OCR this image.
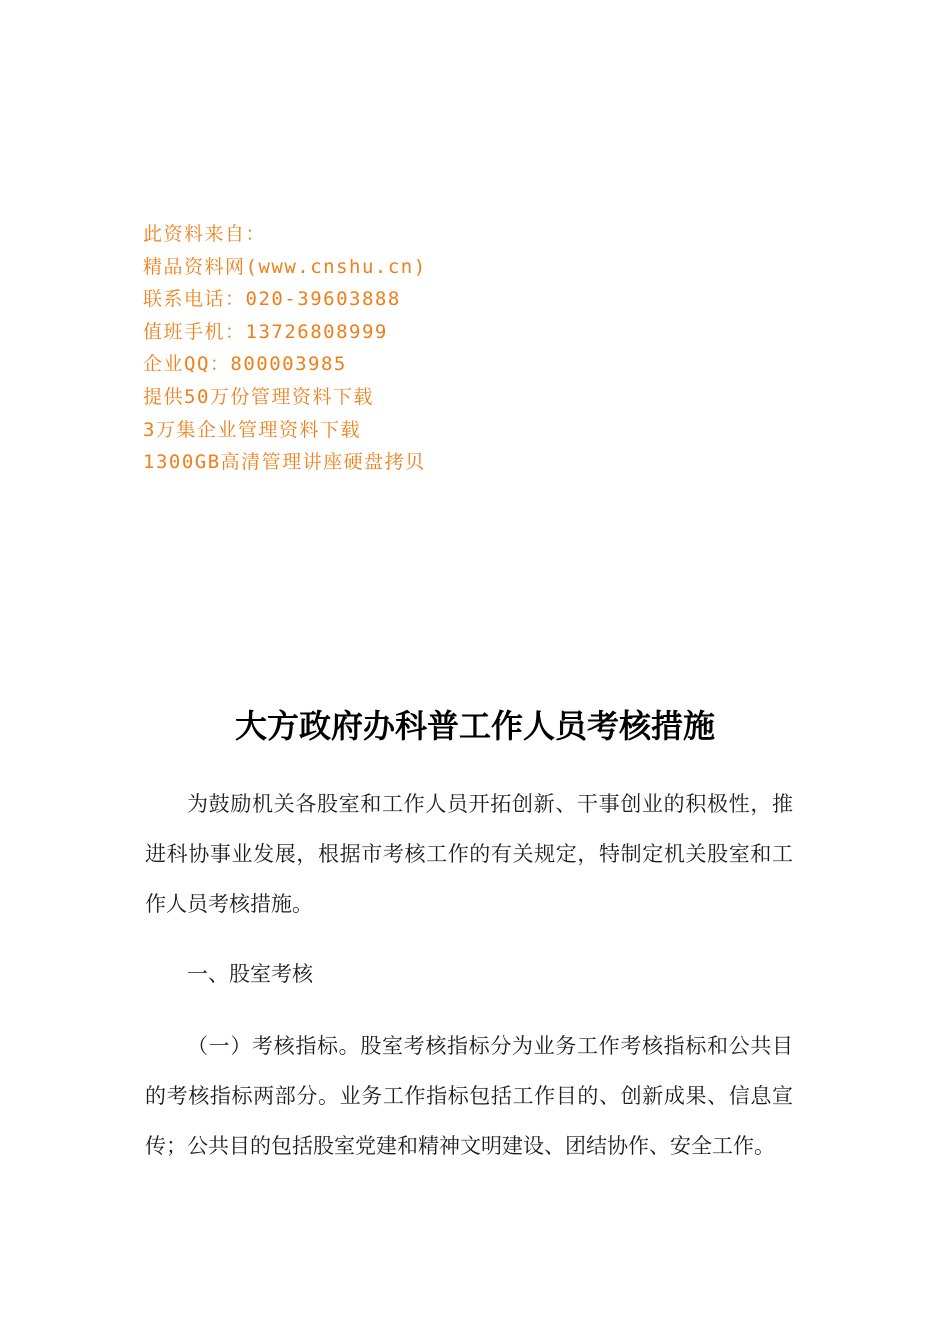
此资料来自：
精品资料网(www.cnshu.cn)
联系电话：020-39603888
值班手机：13726808999
企业QQ：800003985
提供50万份管理资料下载
3万集企业管理资料下载
1300GB高清管理讲座硬盘拷贝
大方政府办科普工作人员考核措施

为鼓励机关各股室和工作人员开拓创新、干事创业的积极性，推进科协事业发展，根据市考核工作的有关规定，特制定机关股室和工作人员考核措施。

一、股室考核

（一）考核指标。股室考核指标分为业务工作考核指标和公共目的考核指标两部分。业务工作指标包括工作目的、创新成果、信息宣传；公共目的包括股室党建和精神文明建设、团结协作、安全工作。
